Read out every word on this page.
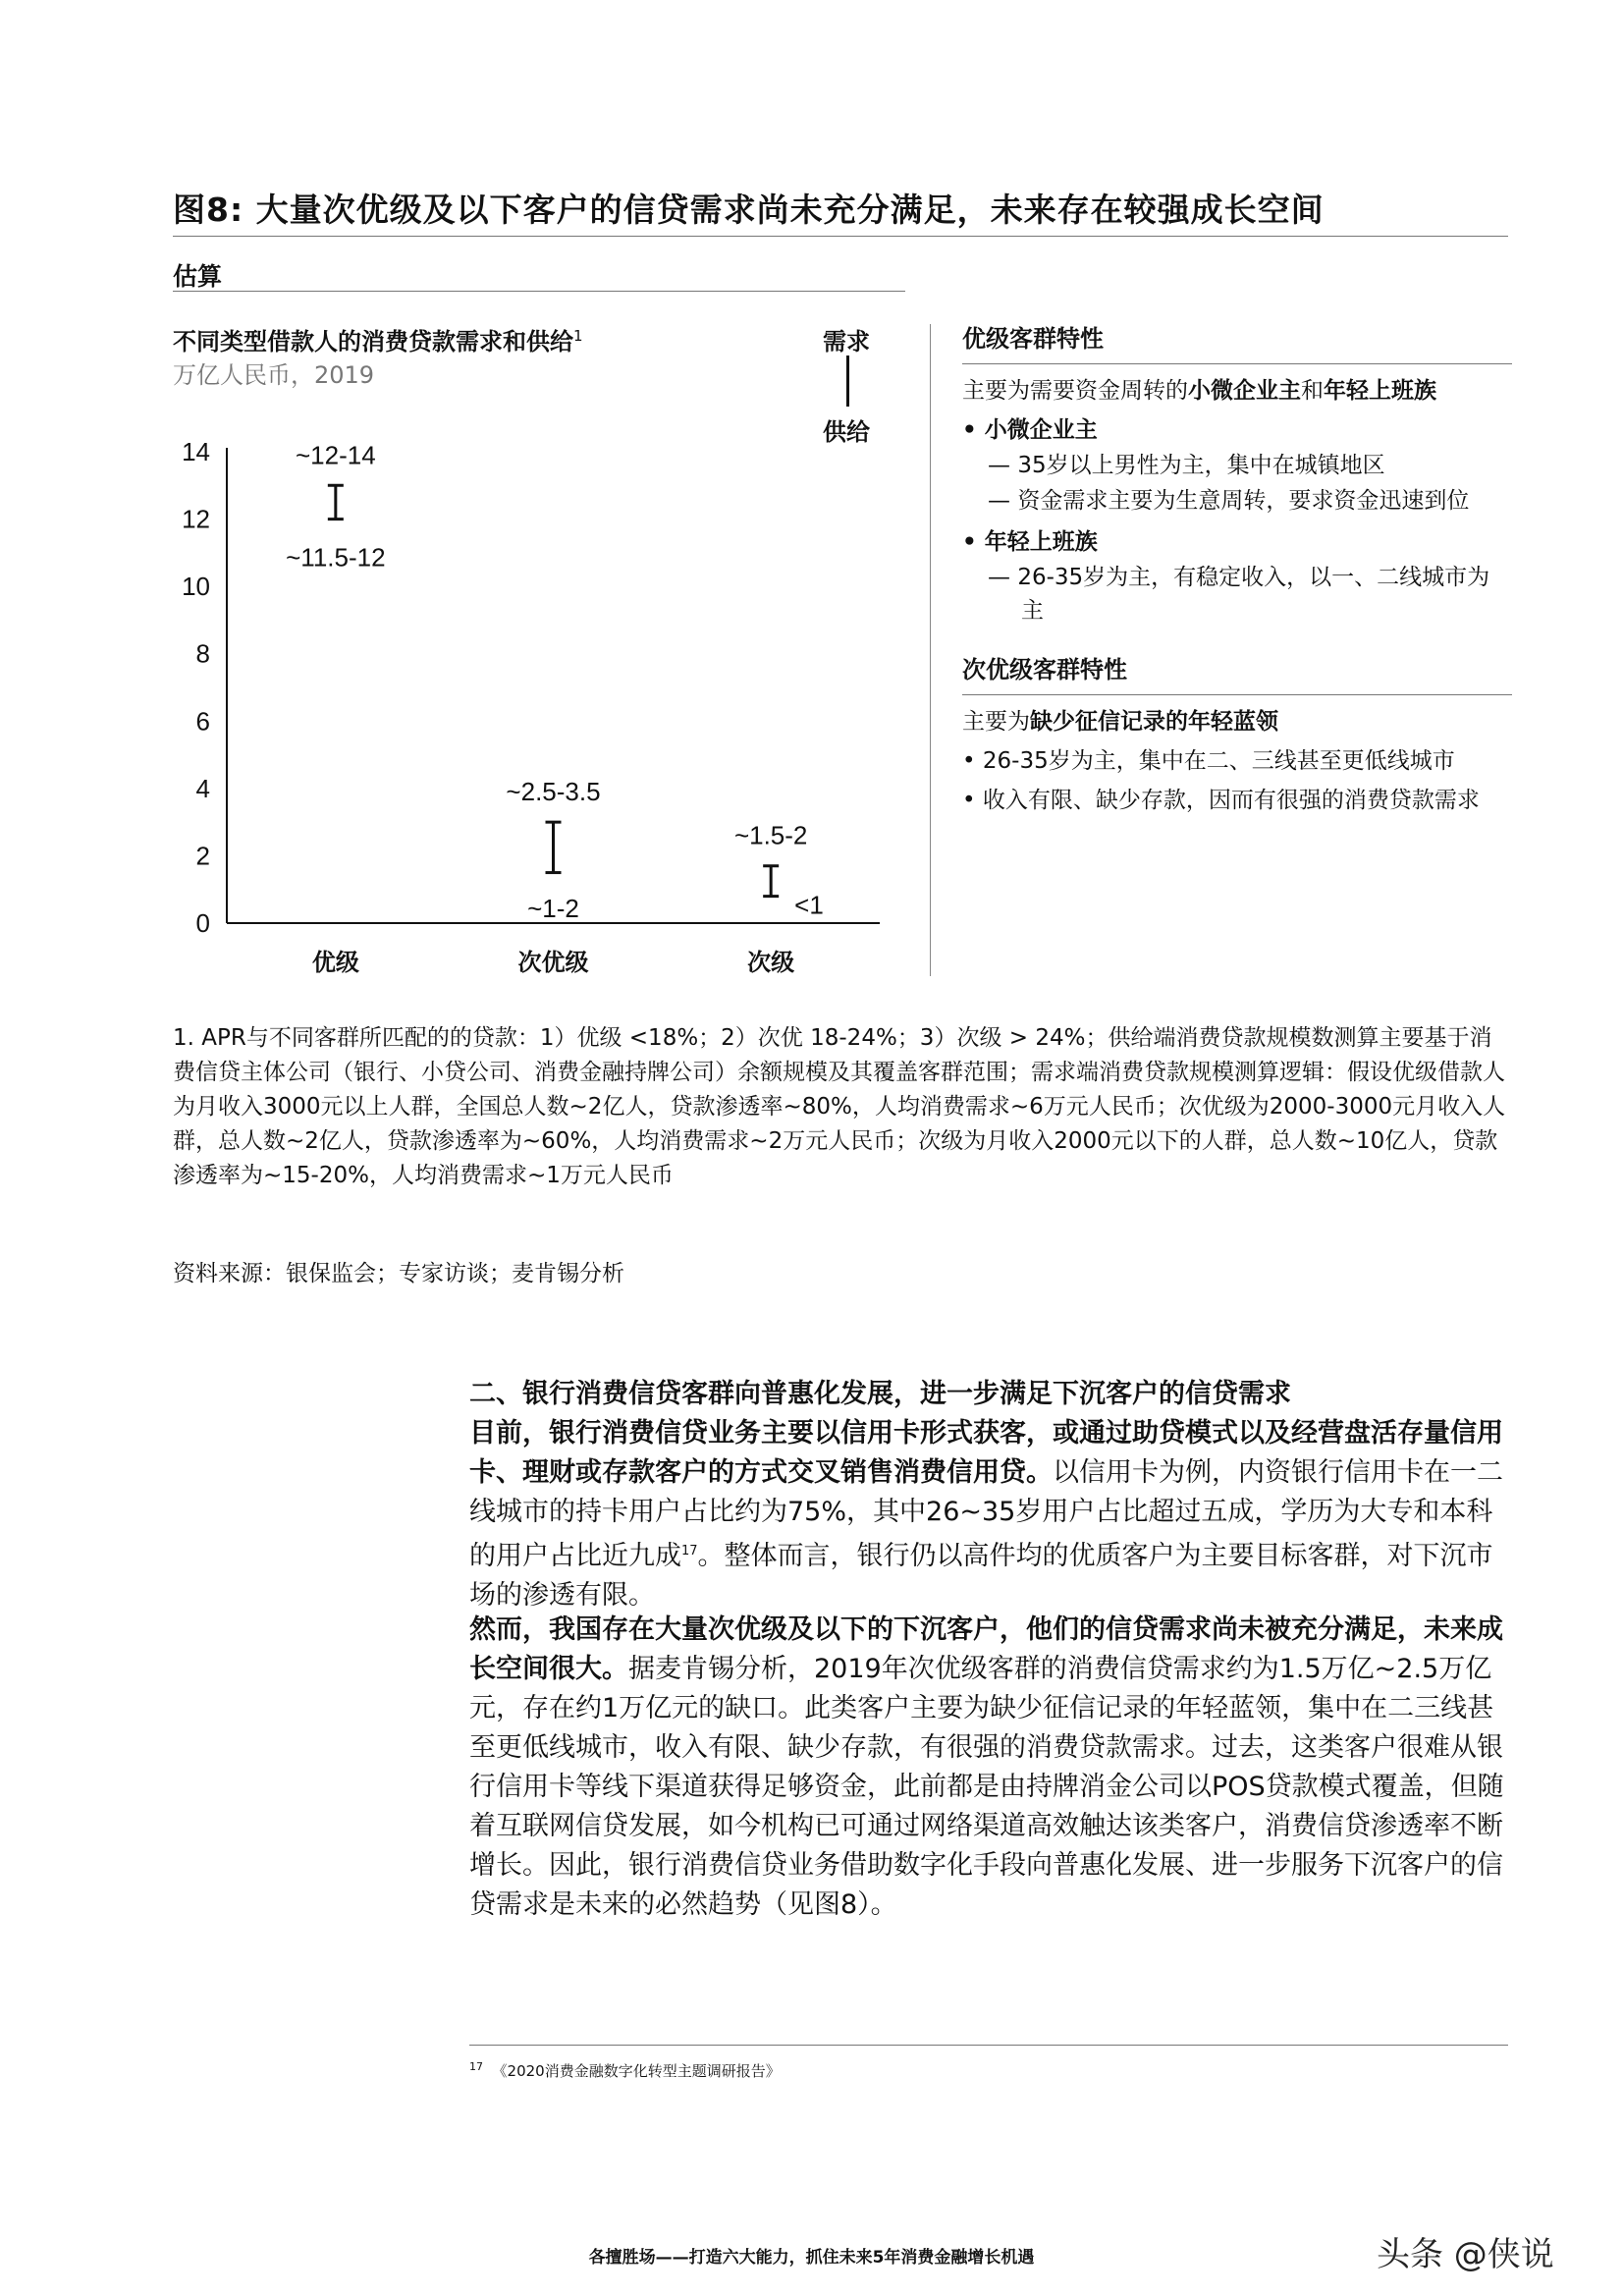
图8: 大量次优级及以下客户的信贷需求尚未充分满足，未来存在较强成长空间
估算
不同类型借款人的消费贷款需求和供给$^1$
万亿人民币，2019
需求
供给
0
2
4
6
8
10
12
14	~12-14
~11.5-12
~2.5-3.5
~1-2
~1.5-2
<1
优级	次优级	次级
优级客群特性
主要为需要资金周转的小微企业主和年轻上班族
• 小微企业主
— 35岁以上男性为主，集中在城镇地区
— 资金需求主要为生意周转，要求资金迅速到位
• 年轻上班族
— 26-35岁为主，有稳定收入，以一、二线城市为主
次优级客群特性
主要为缺少征信记录的年轻蓝领
• 26-35岁为主，集中在二、三线甚至更低线城市
• 收入有限、缺少存款，因而有很强的消费贷款需求
1. APR与不同客群所匹配的的贷款：1）优级 <18%；2）次优 18-24%；3）次级 > 24%；供给端消费贷款规模数测算主要基于消费信贷主体公司（银行、小贷公司、消费金融持牌公司）余额规模及其覆盖客群范围；需求端消费贷款规模测算逻辑：假设优级借款人为月收入3000元以上人群，全国总人数~2亿人，贷款渗透率~80%，人均消费需求~6万元人民币；次优级为2000-3000元月收入人群，总人数~2亿人，贷款渗透率为~60%，人均消费需求~2万元人民币；次级为月收入2000元以下的人群，总人数~10亿人，贷款渗透率为~15-20%，人均消费需求~1万元人民币
资料来源：银保监会；专家访谈；麦肯锡分析
二、银行消费信贷客群向普惠化发展，进一步满足下沉客户的信贷需求
目前，银行消费信贷业务主要以信用卡形式获客，或通过助贷模式以及经营盘活存量信用卡、理财或存款客户的方式交叉销售消费信用贷。以信用卡为例，内资银行信用卡在一二线城市的持卡用户占比约为75%，其中26~35岁用户占比超过五成，学历为大专和本科的用户占比近九成$^{17}$。整体而言，银行仍以高件均的优质客户为主要目标客群，对下沉市场的渗透有限。
然而，我国存在大量次优级及以下的下沉客户，他们的信贷需求尚未被充分满足，未来成长空间很大。据麦肯锡分析，2019年次优级客群的消费信贷需求约为1.5万亿~2.5万亿元，存在约1万亿元的缺口。此类客户主要为缺少征信记录的年轻蓝领，集中在二三线甚至更低线城市，收入有限、缺少存款，有很强的消费贷款需求。过去，这类客户很难从银行信用卡等线下渠道获得足够资金，此前都是由持牌消金公司以POS贷款模式覆盖，但随着互联网信贷发展，如今机构已可通过网络渠道高效触达该类客户，消费信贷渗透率不断增长。因此，银行消费信贷业务借助数字化手段向普惠化发展、进一步服务下沉客户的信贷需求是未来的必然趋势（见图8）。
$^{17}$ 《2020消费金融数字化转型主题调研报告》
各擅胜场——打造六大能力，抓住未来5年消费金融增长机遇	头条 @侠说
